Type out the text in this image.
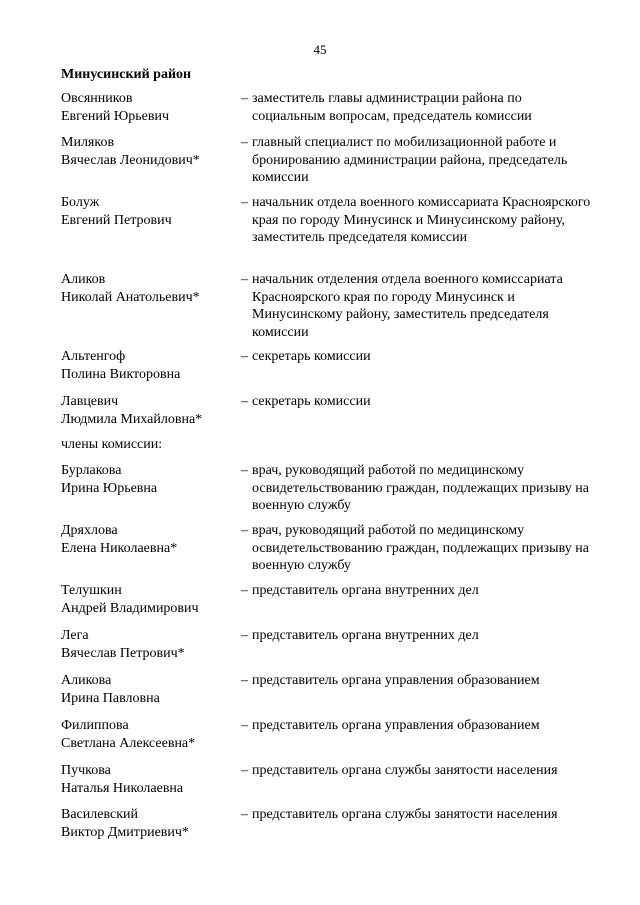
45
Минусинский район
Овсянников
Евгений Юрьевич
– заместитель главы администрации района по социальным вопросам, председатель комиссии
Миляков
Вячеслав Леонидович*
– главный специалист по мобилизационной работе и бронированию администрации района, председатель комиссии
Болуж
Евгений Петрович
– начальник отдела военного комиссариата Красноярского края по городу Минусинск и Минусинскому району, заместитель председателя комиссии
Аликов
Николай Анатольевич*
– начальник отделения отдела военного комиссариата Красноярского края по городу Минусинск и Минусинскому району, заместитель председателя комиссии
Альтенгоф
Полина Викторовна
– секретарь комиссии
Лавцевич
Людмила Михайловна*
– секретарь комиссии
Бурлакова
Ирина Юрьевна
– врач, руководящий работой по медицинскому освидетельствованию граждан, подлежащих призыву на военную службу
Дряхлова
Елена Николаевна*
– врач, руководящий работой по медицинскому освидетельствованию граждан, подлежащих призыву на военную службу
Телушкин
Андрей Владимирович
– представитель органа внутренних дел
Лега
Вячеслав Петрович*
– представитель органа внутренних дел
Аликова
Ирина Павловна
– представитель органа управления образованием
Филиппова
Светлана Алексеевна*
– представитель органа управления образованием
Пучкова
Наталья Николаевна
– представитель органа службы занятости населения
Василевский
Виктор Дмитриевич*
– представитель органа службы занятости населения
члены комиссии:
